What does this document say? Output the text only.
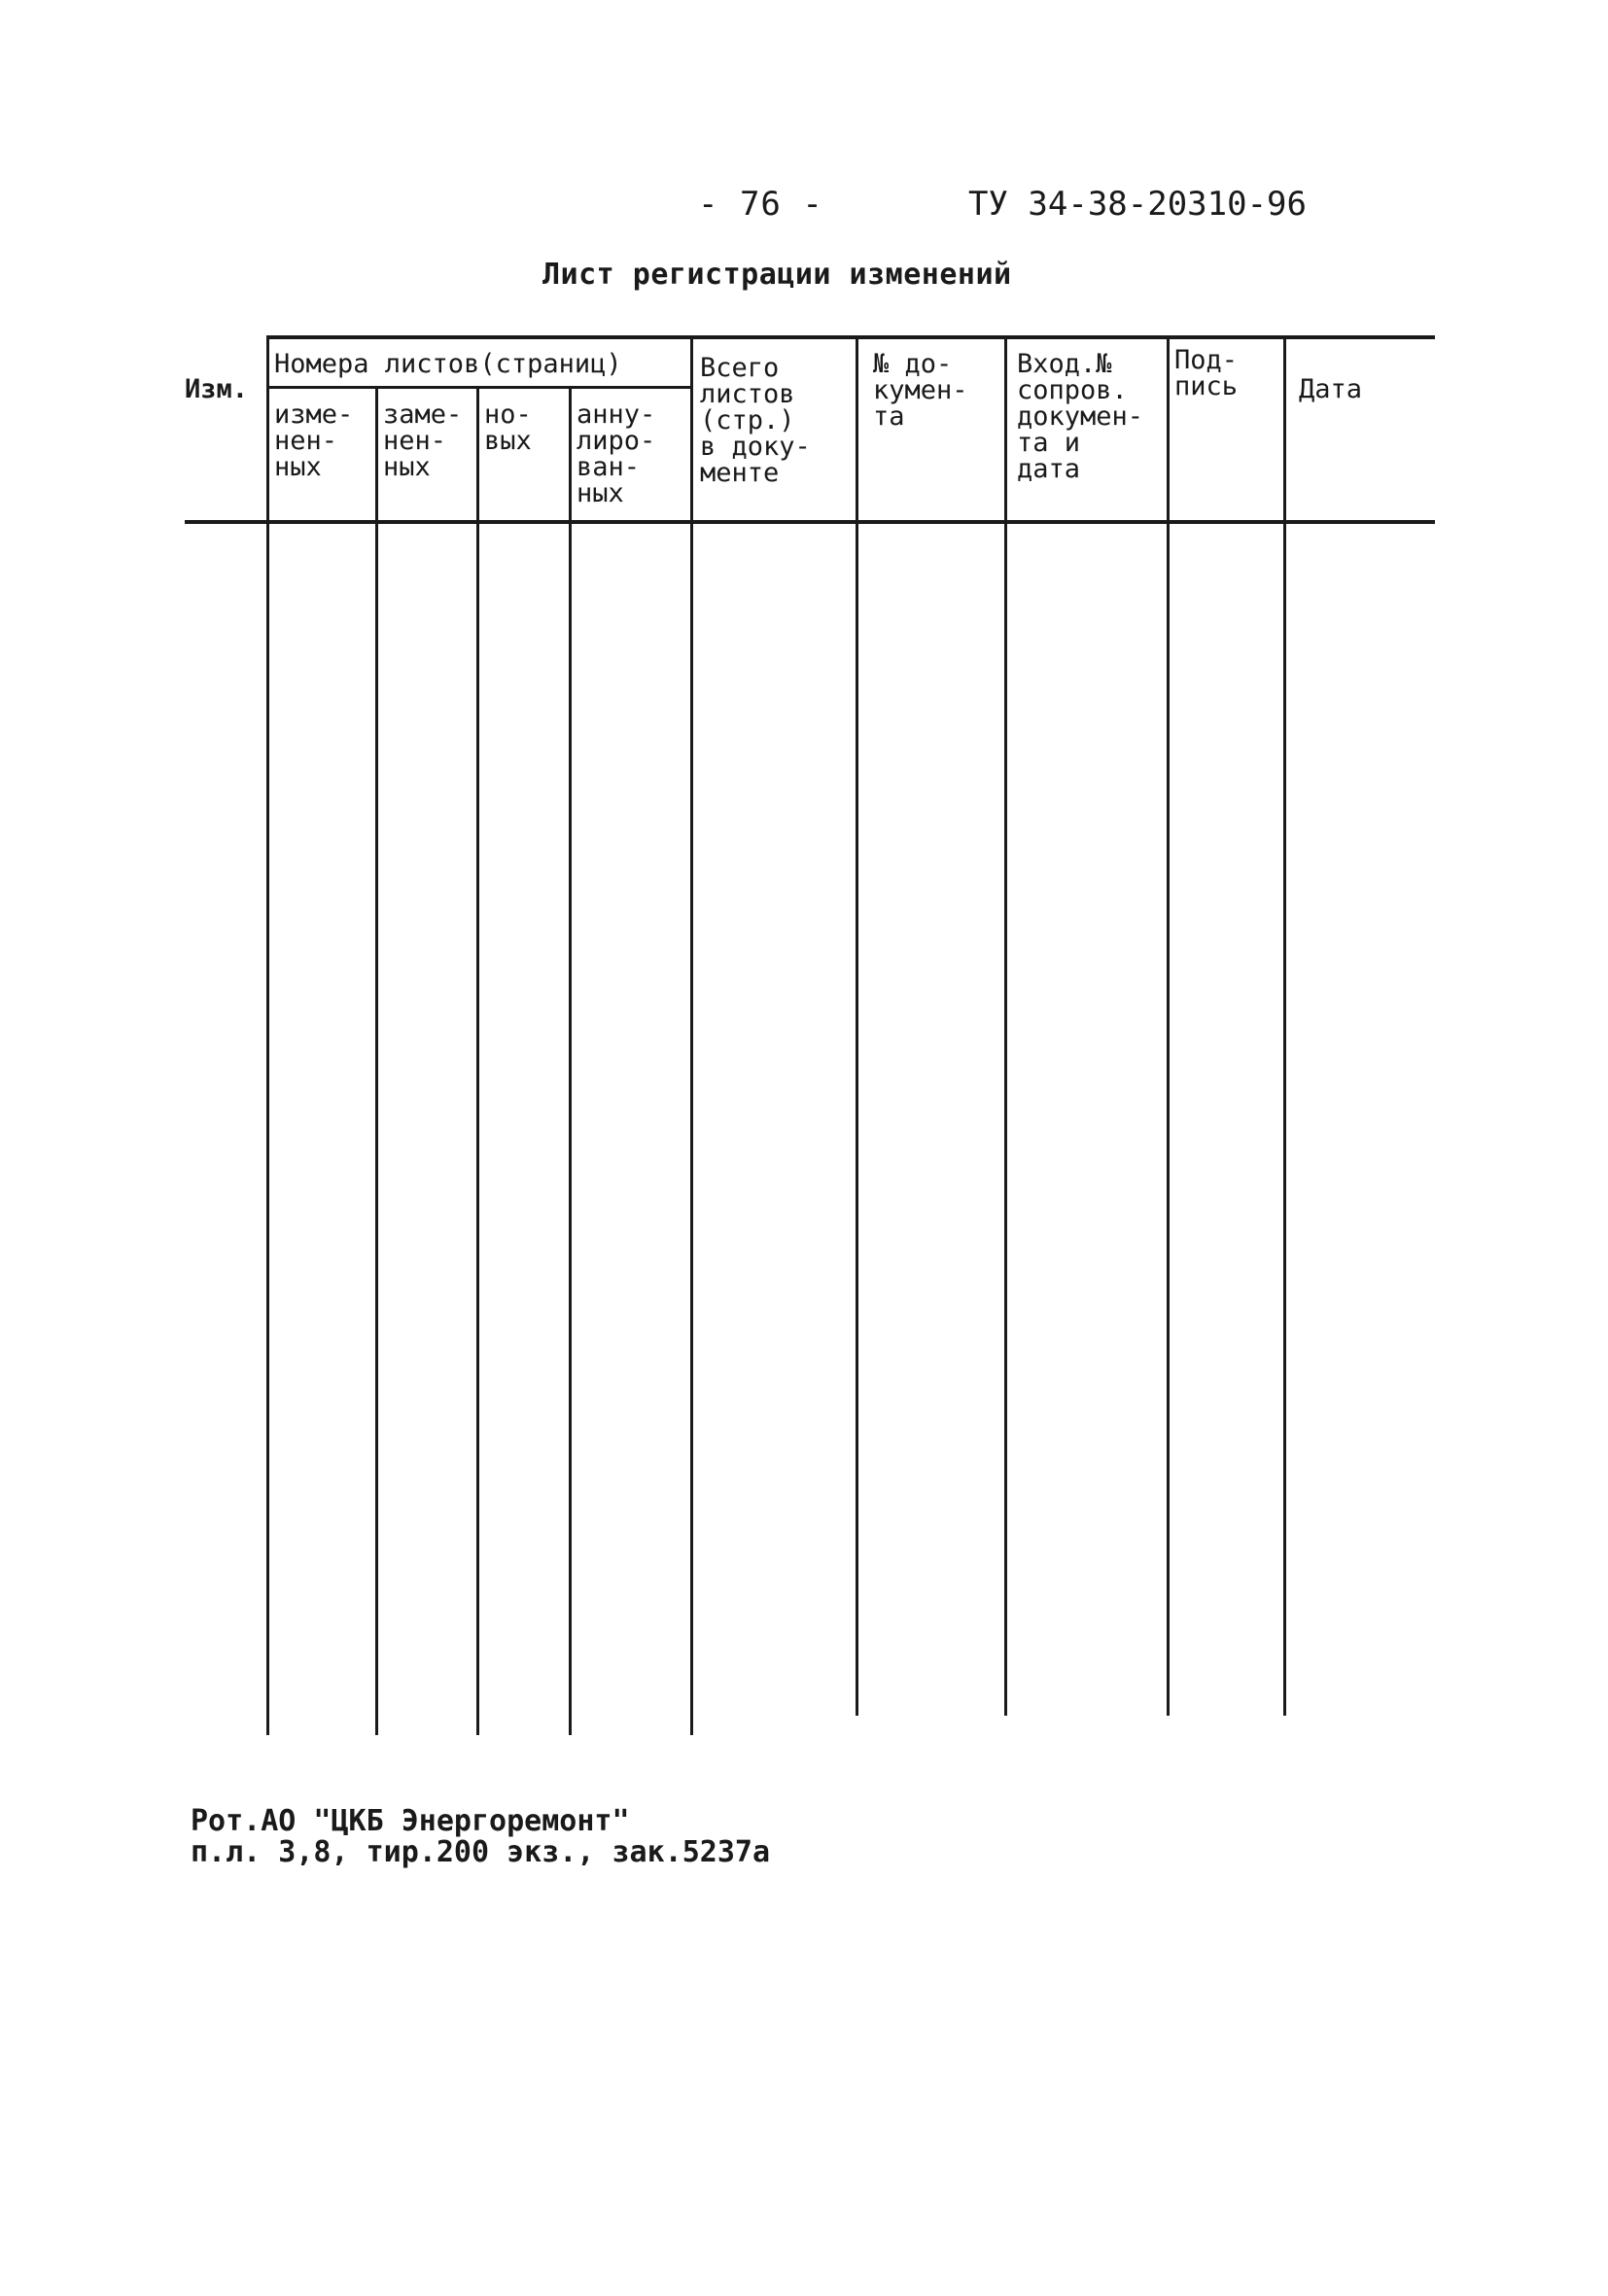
- 76 -	ТУ 34-38-20310-96
Лист регистрации изменений
Изм.
Номера листов(страниц)
изме-
нен-
ных
заме-
нен-
ных
но-
вых
анну-
лиро-
ван-
ных
Всего
листов
(стр.)
в доку-
менте
№ до-
кумен-
та
Вход.№
сопров.
докумен-
та и
дата
Под-
пись Дата
Рот.АО "ЦКБ Энергоремонт"
п.л. 3,8, тир.200 экз., зак.5237а
